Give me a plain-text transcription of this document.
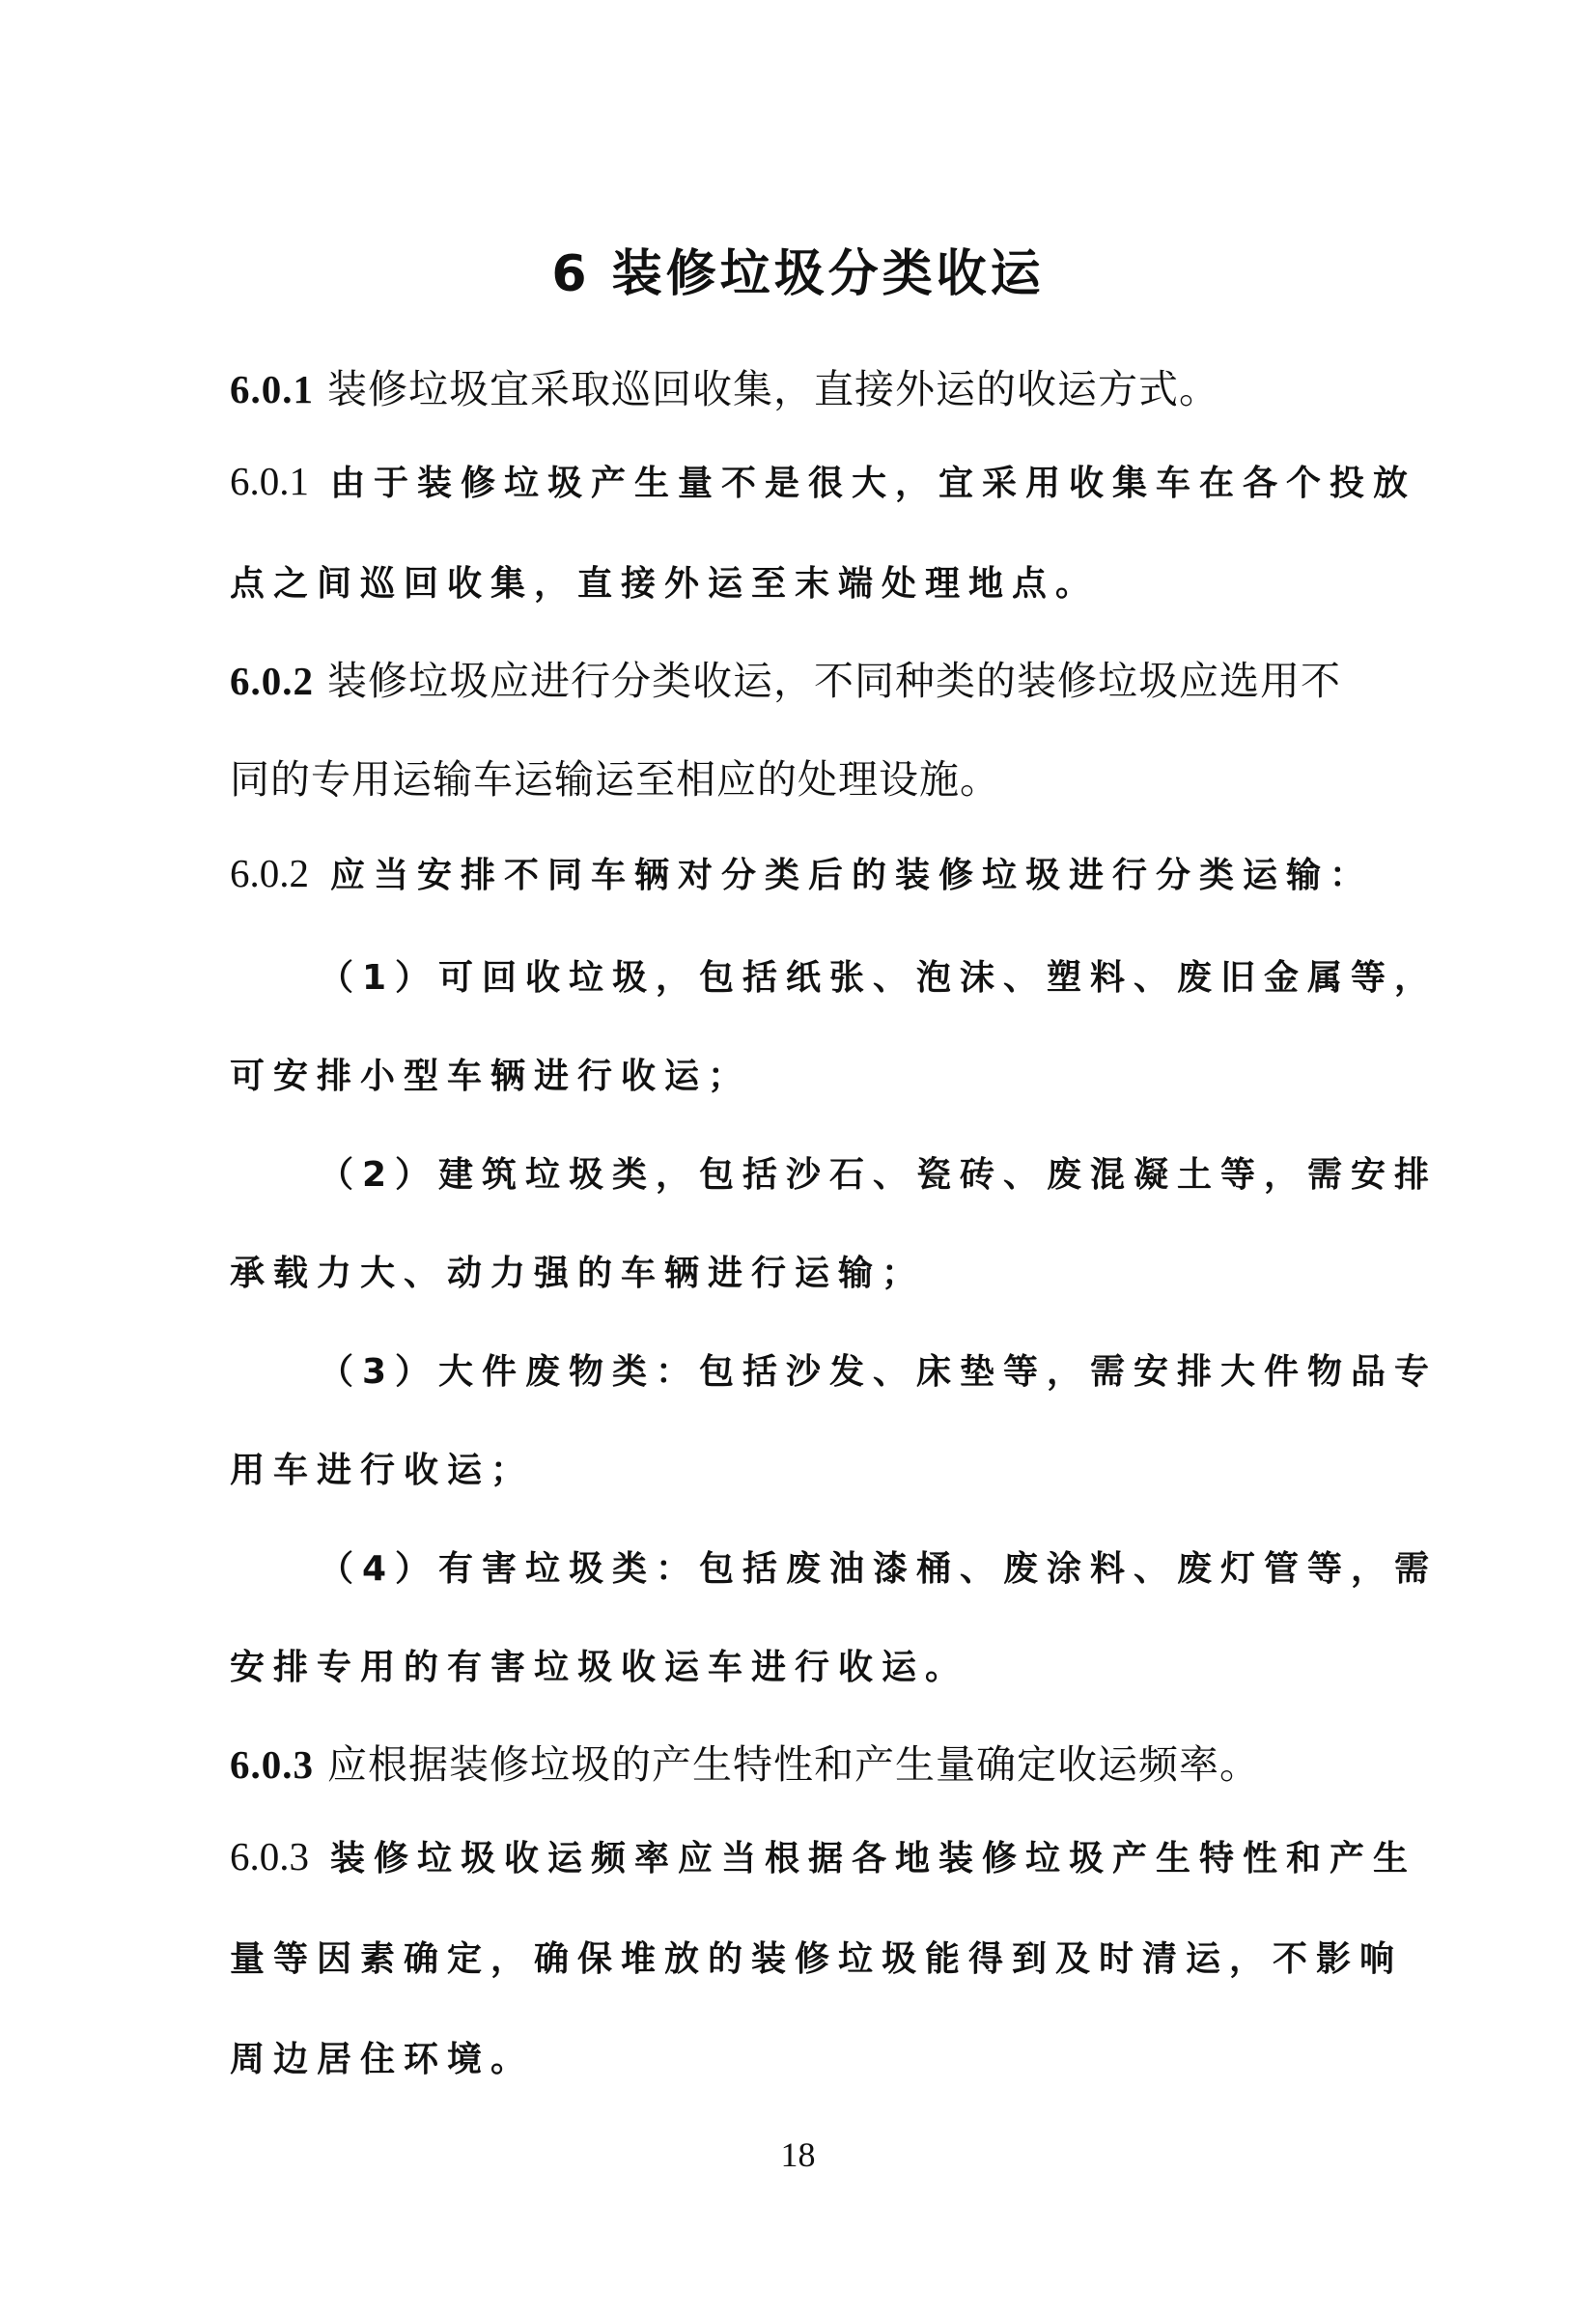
6 装修垃圾分类收运

6.0.1 装修垃圾宜采取巡回收集，直接外运的收运方式。

6.0.1 由于装修垃圾产生量不是很大，宜采用收集车在各个投放

点之间巡回收集，直接外运至末端处理地点。

6.0.2 装修垃圾应进行分类收运，不同种类的装修垃圾应选用不

同的专用运输车运输运至相应的处理设施。

6.0.2 应当安排不同车辆对分类后的装修垃圾进行分类运输：

（1）可回收垃圾，包括纸张、泡沫、塑料、废旧金属等，

可安排小型车辆进行收运；

（2）建筑垃圾类，包括沙石、瓷砖、废混凝土等，需安排

承载力大、动力强的车辆进行运输；

（3）大件废物类：包括沙发、床垫等，需安排大件物品专

用车进行收运；

（4）有害垃圾类：包括废油漆桶、废涂料、废灯管等，需

安排专用的有害垃圾收运车进行收运。

6.0.3 应根据装修垃圾的产生特性和产生量确定收运频率。

6.0.3 装修垃圾收运频率应当根据各地装修垃圾产生特性和产生

量等因素确定，确保堆放的装修垃圾能得到及时清运，不影响

周边居住环境。

18
